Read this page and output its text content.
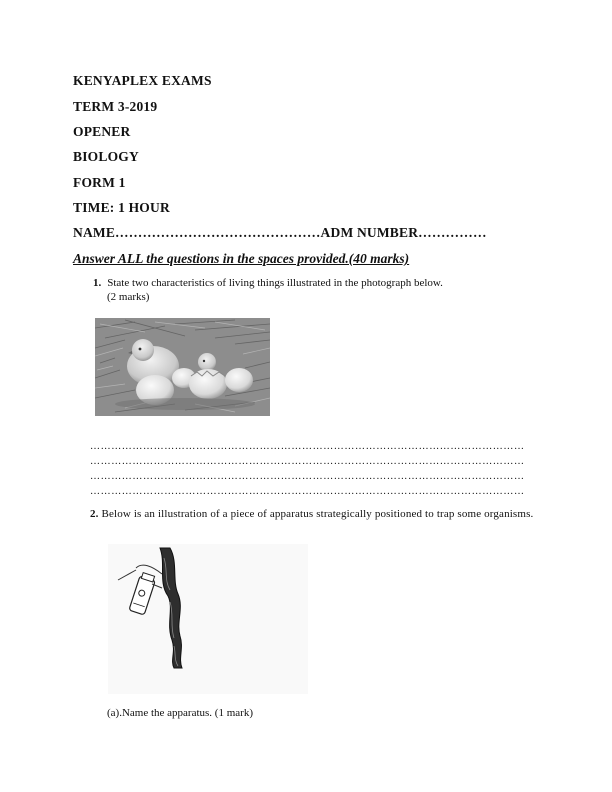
KENYAPLEX EXAMS
TERM 3-2019
OPENER
BIOLOGY
FORM 1
TIME: 1 HOUR
NAME………………………………………ADM NUMBER……………
Answer ALL the questions in the spaces provided.(40 marks)
1. State two characteristics of living things illustrated in the photograph below.
(2 marks)
……………………………………………………………………………………………………………
……………………………………………………………………………………………………………
……………………………………………………………………………………………………………
……………………………………………………………………………………………………………
2. Below is an illustration of a piece of apparatus strategically positioned to trap some organisms.
(a).Name the apparatus. (1 mark)
